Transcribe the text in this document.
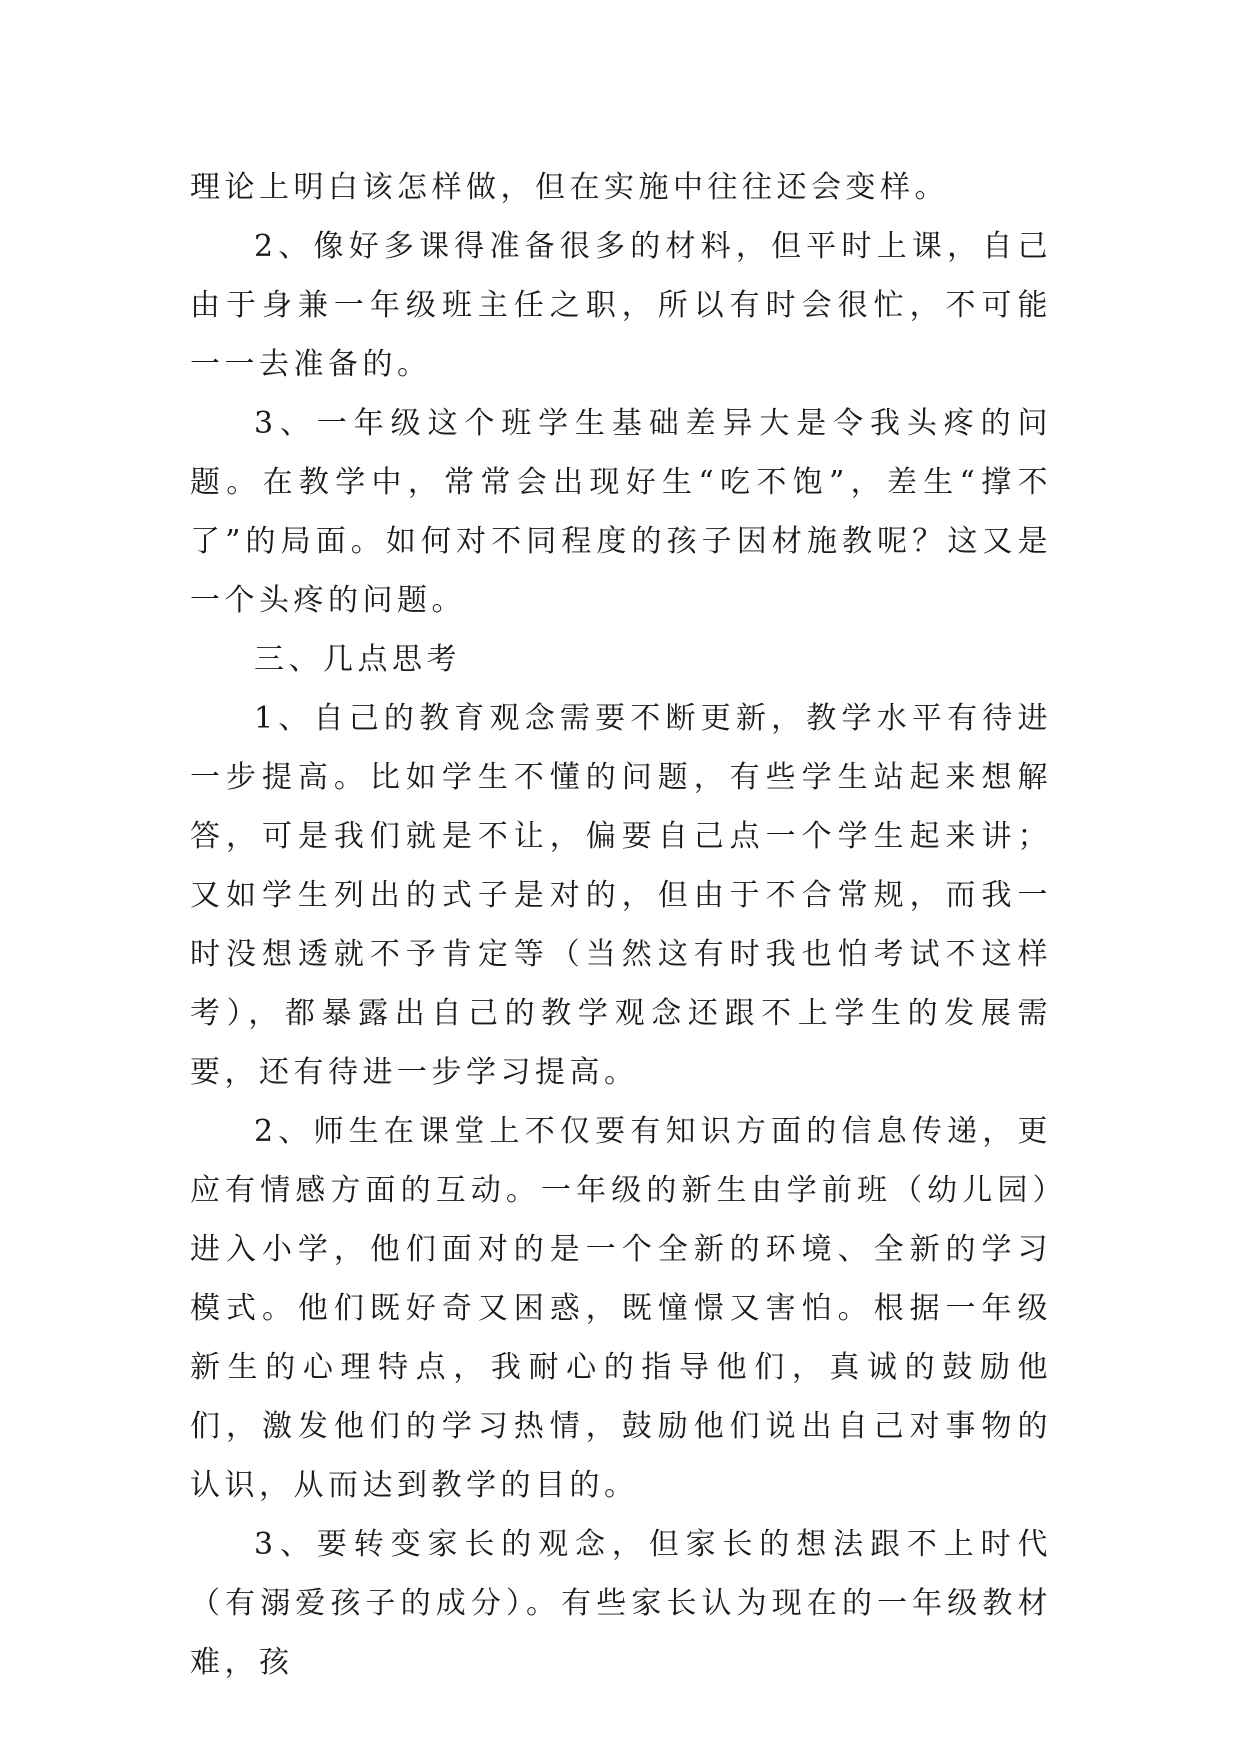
理论上明白该怎样做，但在实施中往往还会变样。

2、像好多课得准备很多的材料，但平时上课，自己由于身兼一年级班主任之职，所以有时会很忙，不可能一一去准备的。

3、一年级这个班学生基础差异大是令我头疼的问题。在教学中，常常会出现好生“吃不饱”，差生“撑不了”的局面。如何对不同程度的孩子因材施教呢？这又是一个头疼的问题。

三、几点思考

1、自己的教育观念需要不断更新，教学水平有待进一步提高。比如学生不懂的问题，有些学生站起来想解答，可是我们就是不让，偏要自己点一个学生起来讲；又如学生列出的式子是对的，但由于不合常规，而我一时没想透就不予肯定等（当然这有时我也怕考试不这样考），都暴露出自己的教学观念还跟不上学生的发展需要，还有待进一步学习提高。

2、师生在课堂上不仅要有知识方面的信息传递，更应有情感方面的互动。一年级的新生由学前班（幼儿园）进入小学，他们面对的是一个全新的环境、全新的学习模式。他们既好奇又困惑，既憧憬又害怕。根据一年级新生的心理特点，我耐心的指导他们，真诚的鼓励他们，激发他们的学习热情，鼓励他们说出自己对事物的认识，从而达到教学的目的。

3、要转变家长的观念，但家长的想法跟不上时代（有溺爱孩子的成分）。有些家长认为现在的一年级教材难，孩
